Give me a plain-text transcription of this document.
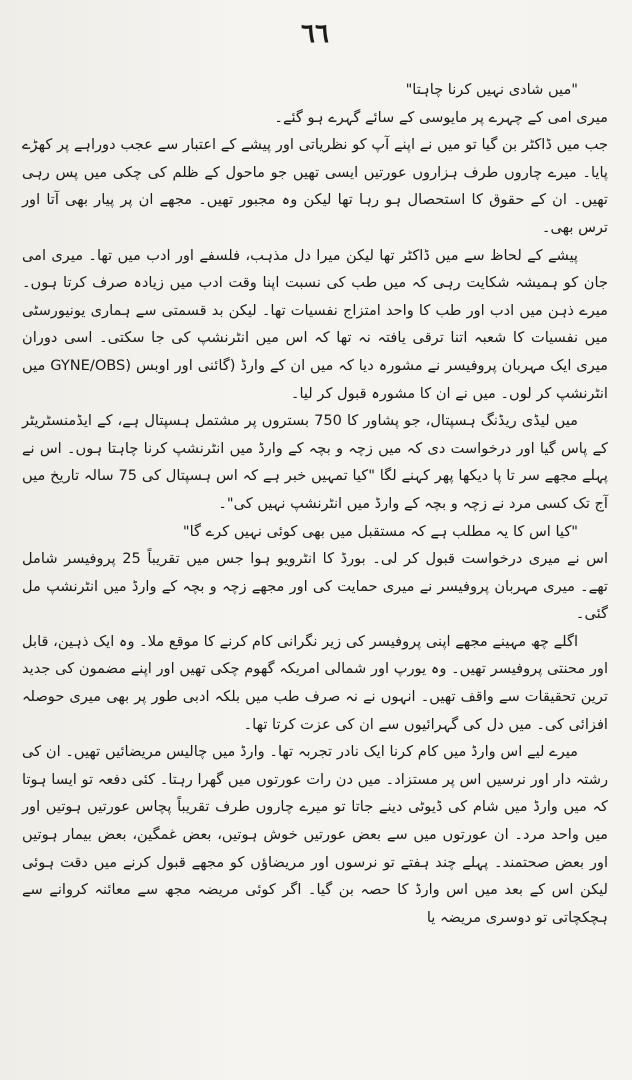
٦٦

"میں شادی نہیں کرنا چاہتا"

میری امی کے چہرے پر مایوسی کے سائے گہرے ہو گئے۔

جب میں ڈاکٹر بن گیا تو میں نے اپنے آپ کو نظریاتی اور پیشے کے اعتبار سے عجب دوراہے پر کھڑے پایا۔ میرے چاروں طرف ہزاروں عورتیں ایسی تھیں جو ماحول کے ظلم کی چکی میں پس رہی تھیں۔ ان کے حقوق کا استحصال ہو رہا تھا لیکن وہ مجبور تھیں۔ مجھے ان پر پیار بھی آتا اور ترس بھی۔

پیشے کے لحاظ سے میں ڈاکٹر تھا لیکن میرا دل مذہب، فلسفے اور ادب میں تھا۔ میری امی جان کو ہمیشہ شکایت رہی کہ میں طب کی نسبت اپنا وقت ادب میں زیادہ صرف کرتا ہوں۔ میرے ذہن میں ادب اور طب کا واحد امتزاج نفسیات تھا۔ لیکن بد قسمتی سے ہماری یونیورسٹی میں نفسیات کا شعبہ اتنا ترقی یافتہ نہ تھا کہ اس میں انٹرنشپ کی جا سکتی۔ اسی دوران میری ایک مہربان پروفیسر نے مشورہ دیا کہ میں ان کے وارڈ (گائنی اور اوبس (GYNE/OBS میں انٹرنشپ کر لوں۔ میں نے ان کا مشورہ قبول کر لیا۔

میں لیڈی ریڈنگ ہسپتال، جو پشاور کا 750 بستروں پر مشتمل ہسپتال ہے، کے ایڈمنسٹریٹر کے پاس گیا اور درخواست دی کہ میں زچہ و بچہ کے وارڈ میں انٹرنشپ کرنا چاہتا ہوں۔ اس نے پہلے مجھے سر تا پا دیکھا پھر کہنے لگا "کیا تمہیں خبر ہے کہ اس ہسپتال کی 75 سالہ تاریخ میں آج تک کسی مرد نے زچہ و بچہ کے وارڈ میں انٹرنشپ نہیں کی"۔

"کیا اس کا یہ مطلب ہے کہ مستقبل میں بھی کوئی نہیں کرے گا"

اس نے میری درخواست قبول کر لی۔ بورڈ کا انٹرویو ہوا جس میں تقریباً 25 پروفیسر شامل تھے۔ میری مہربان پروفیسر نے میری حمایت کی اور مجھے زچہ و بچہ کے وارڈ میں انٹرنشپ مل گئی۔

اگلے چھ مہینے مجھے اپنی پروفیسر کی زیر نگرانی کام کرنے کا موقع ملا۔ وہ ایک ذہین، قابل اور محنتی پروفیسر تھیں۔ وہ یورپ اور شمالی امریکہ گھوم چکی تھیں اور اپنے مضمون کی جدید ترین تحقیقات سے واقف تھیں۔ انہوں نے نہ صرف طب میں بلکہ ادبی طور پر بھی میری حوصلہ افزائی کی۔ میں دل کی گہرائیوں سے ان کی عزت کرتا تھا۔

میرے لیے اس وارڈ میں کام کرنا ایک نادر تجربہ تھا۔ وارڈ میں چالیس مریضائیں تھیں۔ ان کی رشتہ دار اور نرسیں اس پر مستزاد۔ میں دن رات عورتوں میں گھرا رہتا۔ کئی دفعہ تو ایسا ہوتا کہ میں وارڈ میں شام کی ڈیوٹی دینے جاتا تو میرے چاروں طرف تقریباً پچاس عورتیں ہوتیں اور میں واحد مرد۔ ان عورتوں میں سے بعض عورتیں خوش ہوتیں، بعض غمگین، بعض بیمار ہوتیں اور بعض صحتمند۔ پہلے چند ہفتے تو نرسوں اور مریضاؤں کو مجھے قبول کرنے میں دقت ہوئی لیکن اس کے بعد میں اس وارڈ کا حصہ بن گیا۔ اگر کوئی مریضہ مجھ سے معائنہ کروانے سے ہچکچاتی تو دوسری مریضہ یا
